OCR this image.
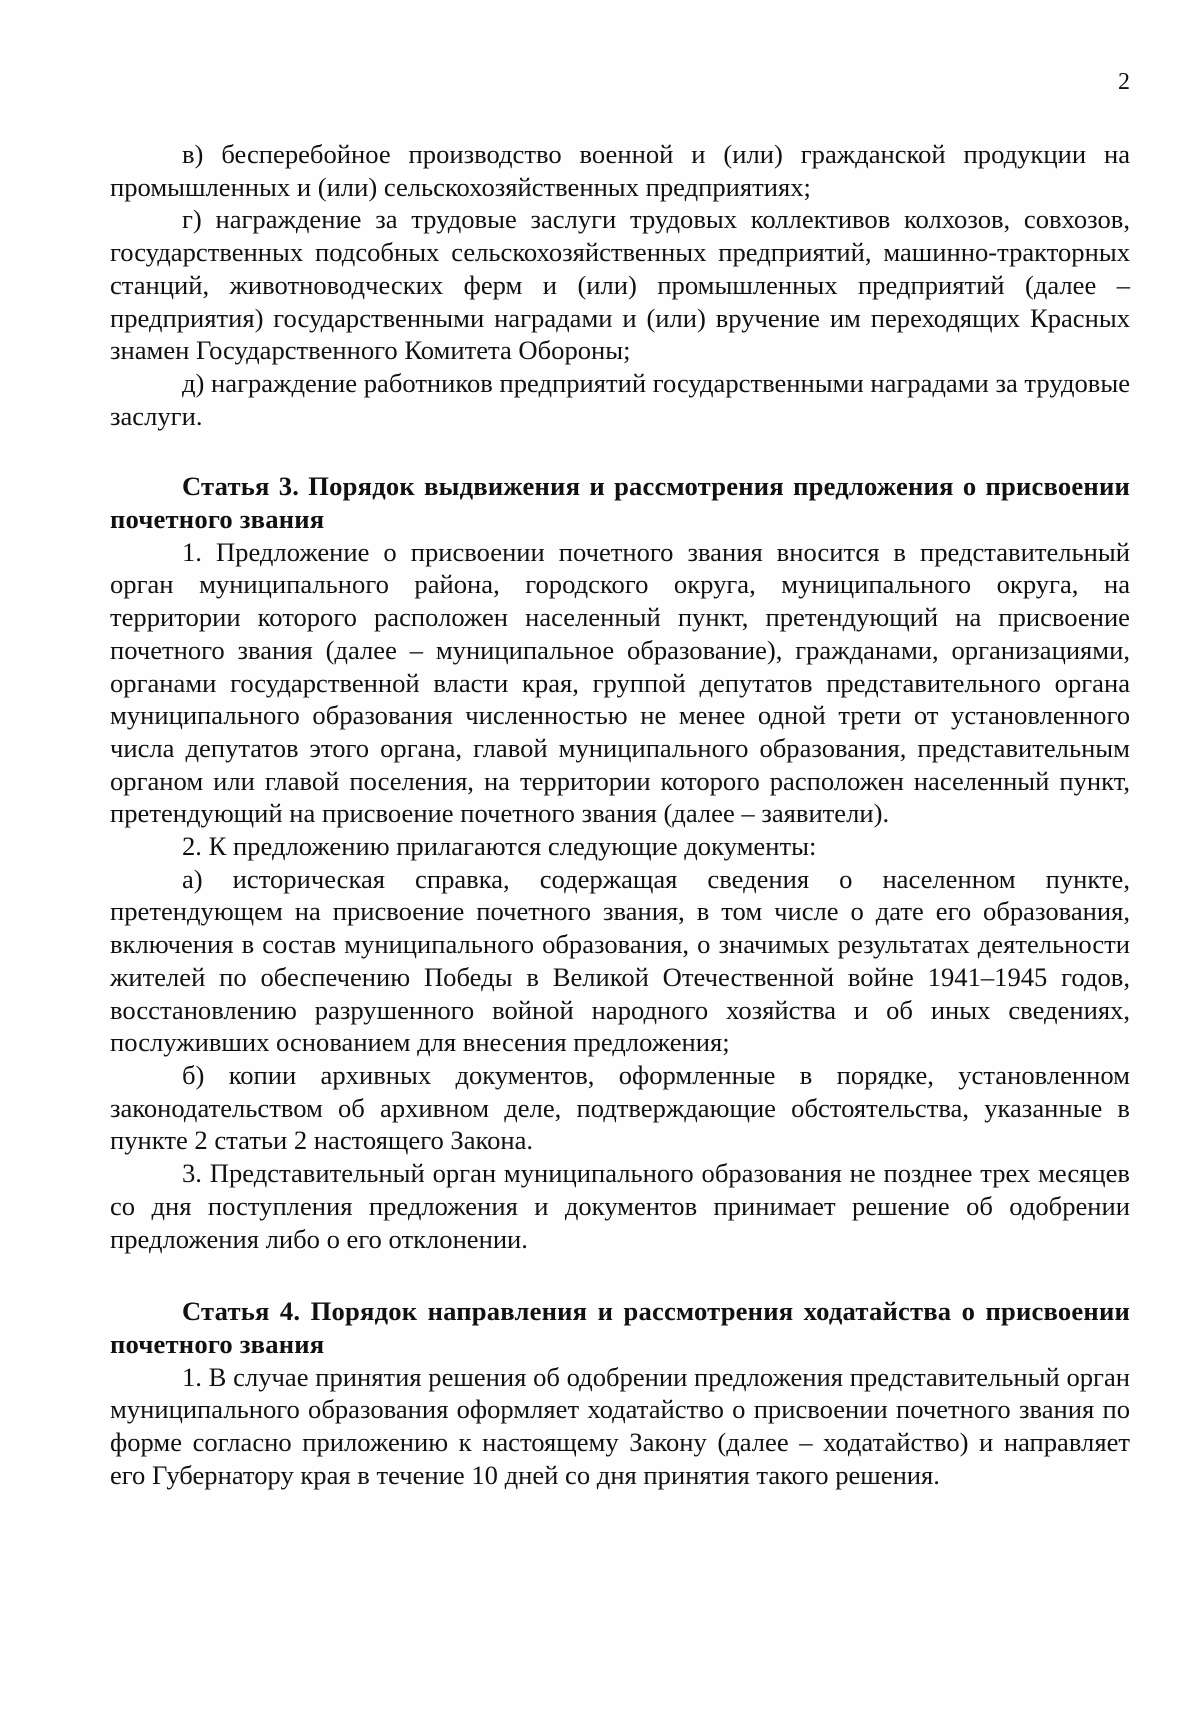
2

в) бесперебойное производство военной и (или) гражданской продукции на промышленных и (или) сельскохозяйственных предприятиях;

г) награждение за трудовые заслуги трудовых коллективов колхозов, совхозов, государственных подсобных сельскохозяйственных предприятий, машинно-тракторных станций, животноводческих ферм и (или) промышленных предприятий (далее – предприятия) государственными наградами и (или) вручение им переходящих Красных знамен Государственного Комитета Обороны;

д) награждение работников предприятий государственными наградами за трудовые заслуги.

Статья 3. Порядок выдвижения и рассмотрения предложения о присвоении почетного звания

1. Предложение о присвоении почетного звания вносится в представительный орган муниципального района, городского округа, муниципального округа, на территории которого расположен населенный пункт, претендующий на присвоение почетного звания (далее – муниципальное образование), гражданами, организациями, органами государственной власти края, группой депутатов представительного органа муниципального образования численностью не менее одной трети от установленного числа депутатов этого органа, главой муниципального образования, представительным органом или главой поселения, на территории которого расположен населенный пункт, претендующий на присвоение почетного звания (далее – заявители).

2. К предложению прилагаются следующие документы:

а) историческая справка, содержащая сведения о населенном пункте, претендующем на присвоение почетного звания, в том числе о дате его образования, включения в состав муниципального образования, о значимых результатах деятельности жителей по обеспечению Победы в Великой Отечественной войне 1941–1945 годов, восстановлению разрушенного войной народного хозяйства и об иных сведениях, послуживших основанием для внесения предложения;

б) копии архивных документов, оформленные в порядке, установленном законодательством об архивном деле, подтверждающие обстоятельства, указанные в пункте 2 статьи 2 настоящего Закона.

3. Представительный орган муниципального образования не позднее трех месяцев со дня поступления предложения и документов принимает решение об одобрении предложения либо о его отклонении.

Статья 4. Порядок направления и рассмотрения ходатайства о присвоении почетного звания

1. В случае принятия решения об одобрении предложения представительный орган муниципального образования оформляет ходатайство о присвоении почетного звания по форме согласно приложению к настоящему Закону (далее – ходатайство) и направляет его Губернатору края в течение 10 дней со дня принятия такого решения.
